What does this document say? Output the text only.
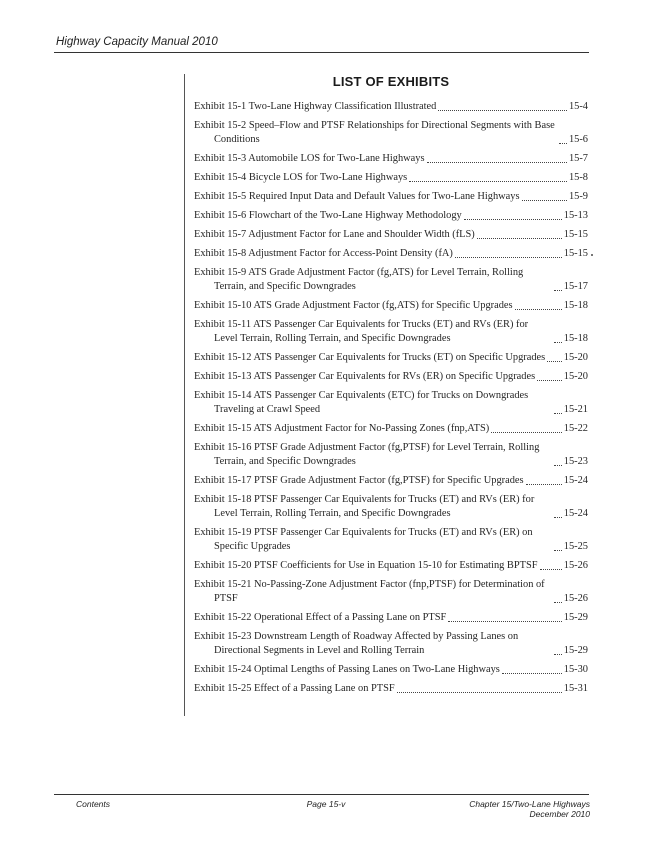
Highway Capacity Manual 2010
LIST OF EXHIBITS
Exhibit 15-1 Two-Lane Highway Classification Illustrated	15-4
Exhibit 15-2 Speed–Flow and PTSF Relationships for Directional Segments with Base Conditions	15-6
Exhibit 15-3 Automobile LOS for Two-Lane Highways	15-7
Exhibit 15-4 Bicycle LOS for Two-Lane Highways	15-8
Exhibit 15-5 Required Input Data and Default Values for Two-Lane Highways	15-9
Exhibit 15-6 Flowchart of the Two-Lane Highway Methodology	15-13
Exhibit 15-7 Adjustment Factor for Lane and Shoulder Width (fLS)	15-15
Exhibit 15-8 Adjustment Factor for Access-Point Density (fA)	15-15
Exhibit 15-9 ATS Grade Adjustment Factor (fg,ATS) for Level Terrain, Rolling Terrain, and Specific Downgrades	15-17
Exhibit 15-10 ATS Grade Adjustment Factor (fg,ATS) for Specific Upgrades	15-18
Exhibit 15-11 ATS Passenger Car Equivalents for Trucks (ET) and RVs (ER) for Level Terrain, Rolling Terrain, and Specific Downgrades	15-18
Exhibit 15-12 ATS Passenger Car Equivalents for Trucks (ET) on Specific Upgrades 15-20
Exhibit 15-13 ATS Passenger Car Equivalents for RVs (ER) on Specific Upgrades	15-20
Exhibit 15-14 ATS Passenger Car Equivalents (ETC) for Trucks on Downgrades Traveling at Crawl Speed	15-21
Exhibit 15-15 ATS Adjustment Factor for No-Passing Zones (fnp,ATS)	15-22
Exhibit 15-16 PTSF Grade Adjustment Factor (fg,PTSF) for Level Terrain, Rolling Terrain, and Specific Downgrades	15-23
Exhibit 15-17 PTSF Grade Adjustment Factor (fg,PTSF) for Specific Upgrades	15-24
Exhibit 15-18 PTSF Passenger Car Equivalents for Trucks (ET) and RVs (ER) for Level Terrain, Rolling Terrain, and Specific Downgrades	15-24
Exhibit 15-19 PTSF Passenger Car Equivalents for Trucks (ET) and RVs (ER) on Specific Upgrades	15-25
Exhibit 15-20 PTSF Coefficients for Use in Equation 15-10 for Estimating BPTSF	15-26
Exhibit 15-21 No-Passing-Zone Adjustment Factor (fnp,PTSF) for Determination of PTSF	15-26
Exhibit 15-22 Operational Effect of a Passing Lane on PTSF	15-29
Exhibit 15-23 Downstream Length of Roadway Affected by Passing Lanes on Directional Segments in Level and Rolling Terrain	15-29
Exhibit 15-24 Optimal Lengths of Passing Lanes on Two-Lane Highways	15-30
Exhibit 15-25 Effect of a Passing Lane on PTSF	15-31
Contents	Page 15-v	Chapter 15/Two-Lane Highways
December 2010
